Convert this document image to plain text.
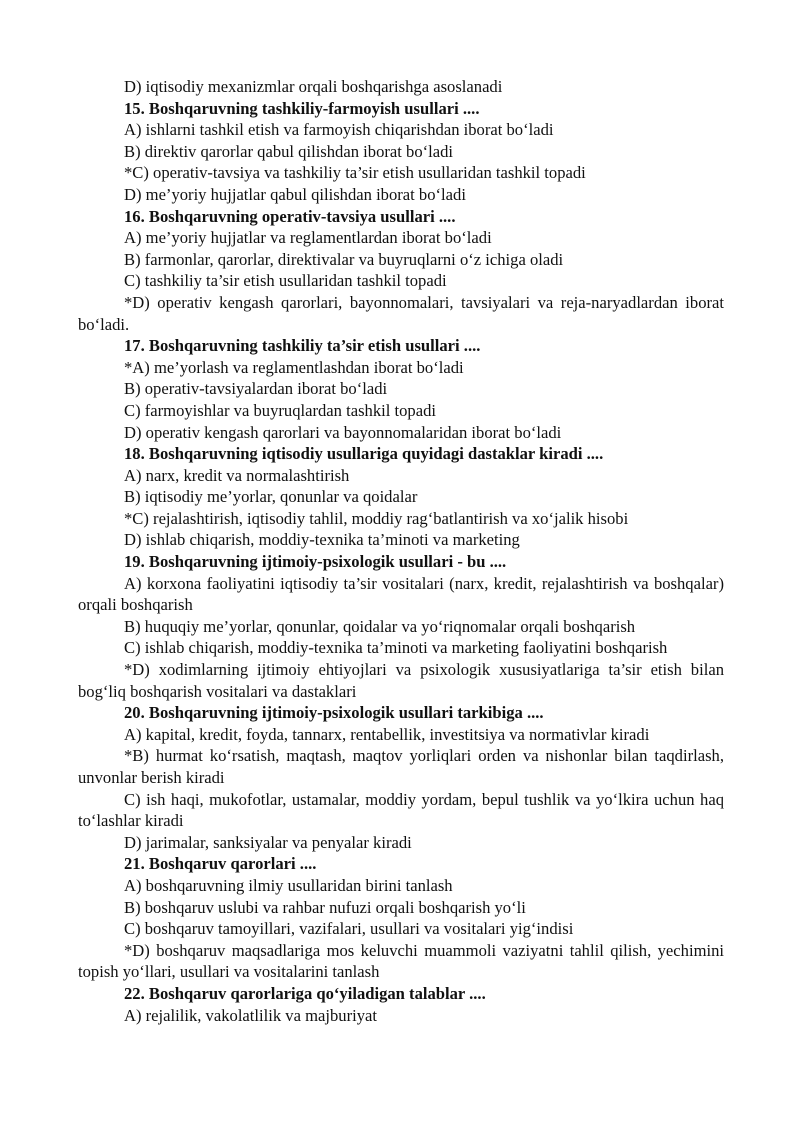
D) iqtisodiy mexanizmlar orqali boshqarishga asoslanadi

15. Boshqaruvning tashkiliy-farmoyish usullari ....

A) ishlarni tashkil etish va farmoyish chiqarishdan iborat bo‘ladi

B) direktiv qarorlar qabul qilishdan iborat bo‘ladi

*C) operativ-tavsiya va tashkiliy ta’sir etish usullaridan tashkil topadi

D) me’yoriy hujjatlar qabul qilishdan iborat bo‘ladi

16. Boshqaruvning operativ-tavsiya usullari ....

A) me’yoriy hujjatlar va reglamentlardan iborat bo‘ladi

B) farmonlar, qarorlar, direktivalar va buyruqlarni o‘z ichiga oladi

C) tashkiliy ta’sir etish usullaridan tashkil topadi

*D) operativ kengash qarorlari, bayonnomalari, tavsiyalari va reja-naryadlardan iborat bo‘ladi.

17. Boshqaruvning tashkiliy ta’sir etish usullari ....

*A) me’yorlash va reglamentlashdan iborat bo‘ladi

B) operativ-tavsiyalardan iborat bo‘ladi

C) farmoyishlar va buyruqlardan tashkil topadi

D) operativ kengash qarorlari va bayonnomalaridan iborat bo‘ladi

18. Boshqaruvning iqtisodiy usullariga quyidagi dastaklar kiradi ....

A) narx, kredit va normalashtirish

B) iqtisodiy me’yorlar, qonunlar va qoidalar

*C) rejalashtirish, iqtisodiy tahlil, moddiy rag‘batlantirish va xo‘jalik hisobi

D) ishlab chiqarish, moddiy-texnika ta’minoti va marketing

19. Boshqaruvning ijtimoiy-psixologik usullari - bu ....

A) korxona faoliyatini iqtisodiy ta’sir vositalari (narx, kredit, rejalashtirish va boshqalar) orqali boshqarish

B) huquqiy me’yorlar, qonunlar, qoidalar va yo‘riqnomalar orqali boshqarish

C) ishlab chiqarish, moddiy-texnika ta’minoti va marketing faoliyatini boshqarish

*D) xodimlarning ijtimoiy ehtiyojlari va psixologik xususiyatlariga ta’sir etish bilan bog‘liq boshqarish vositalari va dastaklari

20. Boshqaruvning ijtimoiy-psixologik usullari tarkibiga ....

A) kapital, kredit, foyda, tannarx, rentabellik, investitsiya va normativlar kiradi

*B) hurmat ko‘rsatish, maqtash, maqtov yorliqlari orden va nishonlar bilan taqdirlash, unvonlar berish kiradi

C) ish haqi, mukofotlar, ustamalar, moddiy yordam, bepul tushlik va yo‘lkira uchun haq to‘lashlar kiradi

D) jarimalar, sanksiyalar va penyalar kiradi

21. Boshqaruv qarorlari ....

A) boshqaruvning ilmiy usullaridan birini tanlash

B) boshqaruv uslubi va rahbar nufuzi orqali boshqarish yo‘li

C) boshqaruv tamoyillari, vazifalari, usullari va vositalari yig‘indisi

*D) boshqaruv maqsadlariga mos keluvchi muammoli vaziyatni tahlil qilish, yechimini topish yo‘llari, usullari va vositalarini tanlash

22. Boshqaruv qarorlariga qo‘yiladigan talablar ....

A) rejalilik, vakolatlilik va majburiyat
